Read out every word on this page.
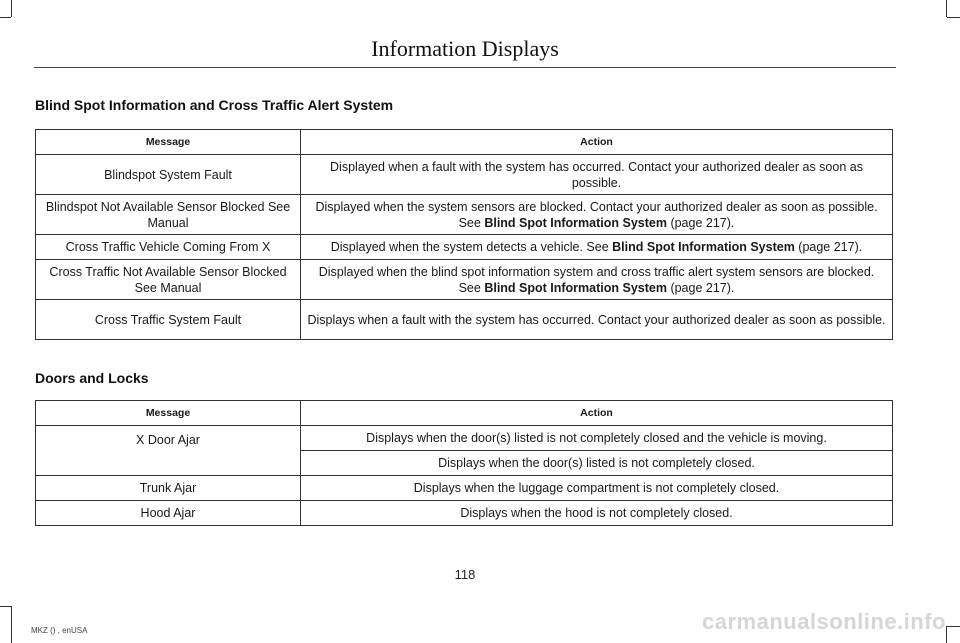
Information Displays
Blind Spot Information and Cross Traffic Alert System
Message	Action
Blindspot System Fault	Displayed when a fault with the system has occurred. Contact your authorized dealer as soon as possible.
Blindspot Not Available Sensor Blocked See Manual	Displayed when the system sensors are blocked. Contact your authorized dealer as soon as possible. See Blind Spot Information System (page 217).
Cross Traffic Vehicle Coming From X	Displayed when the system detects a vehicle. See Blind Spot Information System (page 217).
Cross Traffic Not Available Sensor Blocked See Manual	Displayed when the blind spot information system and cross traffic alert system sensors are blocked. See Blind Spot Information System (page 217).
Cross Traffic System Fault	Displays when a fault with the system has occurred. Contact your authorized dealer as soon as possible.
Doors and Locks
Message	Action
X Door Ajar	Displays when the door(s) listed is not completely closed and the vehicle is moving.
	Displays when the door(s) listed is not completely closed.
Trunk Ajar	Displays when the luggage compartment is not completely closed.
Hood Ajar	Displays when the hood is not completely closed.
118
MKZ () , enUSA	carmanualsonline.info
